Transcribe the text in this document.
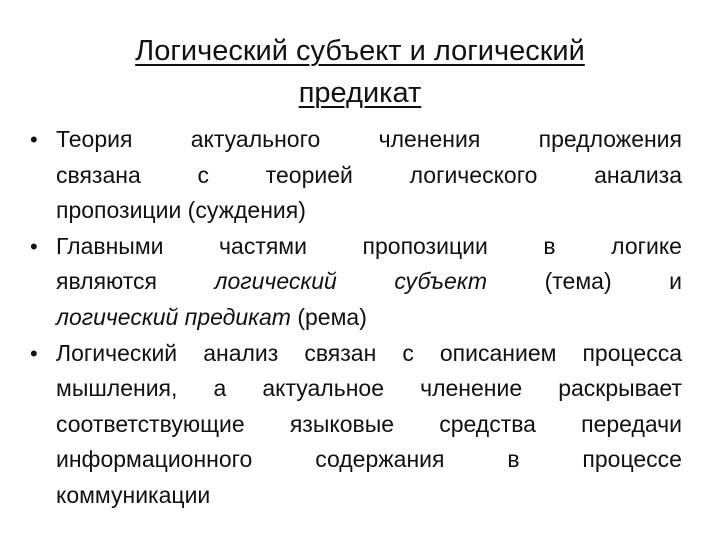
Логический субъект и логический
предикат
• Теория	актуального	членения	предложения
связана с теорией логического анализа
пропозиции (суждения)
• Главными частями пропозиции в логике
являются	логический	субъект	(тема)	и
логический предикат (рема)
• Логический анализ связан с описанием процесса
мышления, а актуальное членение раскрывает
соответствующие языковые средства передачи
информационного	содержания	в	процессе
коммуникации
